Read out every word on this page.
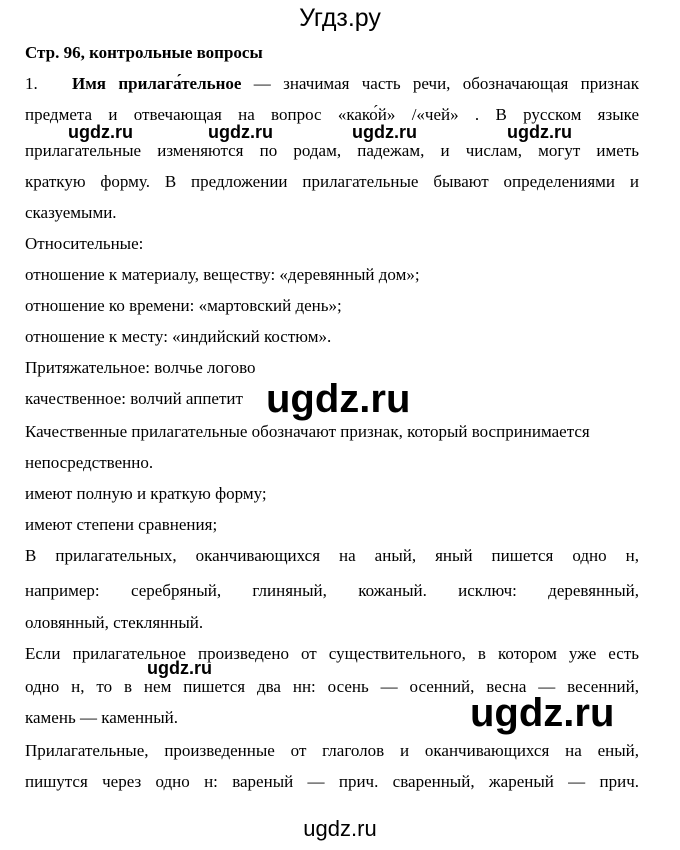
Угдз.ру
Стр. 96, контрольные вопросы
1. Имя прилага́тельное — значимая часть речи, обозначающая признак
предмета и отвечающая на вопрос «како́й» /«чей» . В русском языке
прилагательные изменяются по родам, падежам, и числам, могут иметь
краткую форму. В предложении прилагательные бывают определениями и
сказуемыми.
Относительные:
отношение к материалу, веществу: «деревянный дом»;
отношение ко времени: «мартовский день»;
отношение к месту: «индийский костюм».
Притяжательное: волчье логово
качественное: волчий аппетит
Качественные прилагательные обозначают признак, который воспринимается
непосредственно.
имеют полную и краткую форму;
имеют степени сравнения;
В прилагательных, оканчивающихся на аный, яный пишется одно н,
например: серебряный, глиняный, кожаный. исключ: деревянный,
оловянный, стеклянный.
Если прилагательное произведено от существительного, в котором уже есть
одно н, то в нем пишется два нн: осень — осенний, весна — весенний,
камень — каменный.
Прилагательные, произведенные от глаголов и оканчивающихся на еный,
пишутся через одно н: вареный — прич. сваренный, жареный — прич.
ugdz.ru	ugdz.ru	ugdz.ru	ugdz.ru
ugdz.ru
ugdz.ru
ugdz.ru
ugdz.ru
